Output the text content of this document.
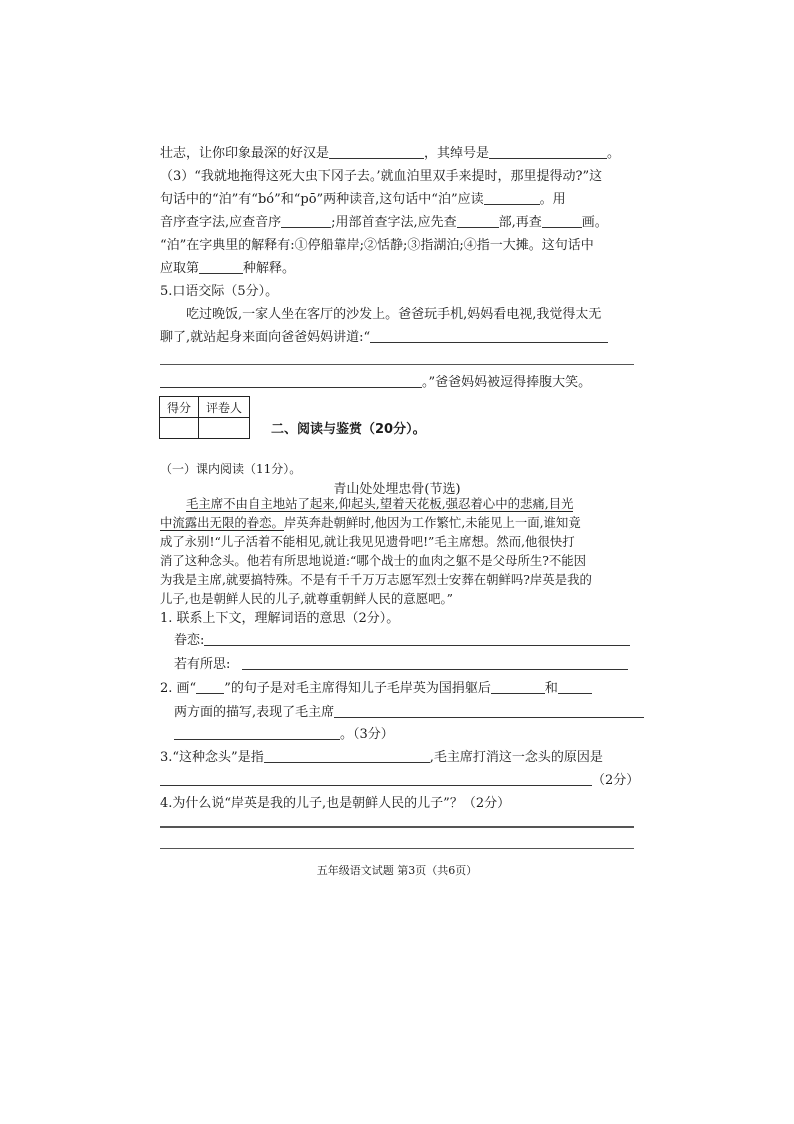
壮志，让你印象最深的好汉是	，其绰号是	。
（3）“我就地拖得这死大虫下冈子去。’就血泊里双手来提时，那里提得动?”这
句话中的“泊”有“bó”和“pō”两种读音,这句话中“泊”应读	。用
音序查字法,应查音序	;用部首查字法,应先查	部,再查	画。
“泊”在字典里的解释有:①停船靠岸;②恬静;③指湖泊;④指一大摊。这句话中
应取第	种解释。
5.口语交际（5分）。
吃过晚饭,一家人坐在客厅的沙发上。爸爸玩手机,妈妈看电视,我觉得太无
聊了,就站起身来面向爸爸妈妈讲道:“
。”爸爸妈妈被逗得捧腹大笑。
得分	评卷人

二、阅读与鉴赏（20分）。
（一）课内阅读（11分）。
青山处处埋忠骨(节选)
毛主席不由自主地站了起来,仰起头,望着天花板,强忍着心中的悲痛,目光
中流露出无限的眷恋。岸英奔赴朝鲜时,他因为工作繁忙,未能见上一面,谁知竟
成了永别!“儿子活着不能相见,就让我见见遗骨吧!”毛主席想。然而,他很快打
消了这种念头。他若有所思地说道:“哪个战士的血肉之躯不是父母所生?不能因
为我是主席,就要搞特殊。不是有千千万万志愿军烈士安葬在朝鲜吗?岸英是我的
儿子,也是朝鲜人民的儿子,就尊重朝鲜人民的意愿吧。”
1. 联系上下文，理解词语的意思（2分）。
眷恋:
若有所思:
2. 画“ ”的句子是对毛主席得知儿子毛岸英为国捐躯后	和
两方面的描写,表现了毛主席
。（3分）
3.“这种念头”是指	,毛主席打消这一念头的原因是
（2分）
4.为什么说“岸英是我的儿子,也是朝鲜人民的儿子”？（2分）
五年级语文试题 第3页（共6页）
